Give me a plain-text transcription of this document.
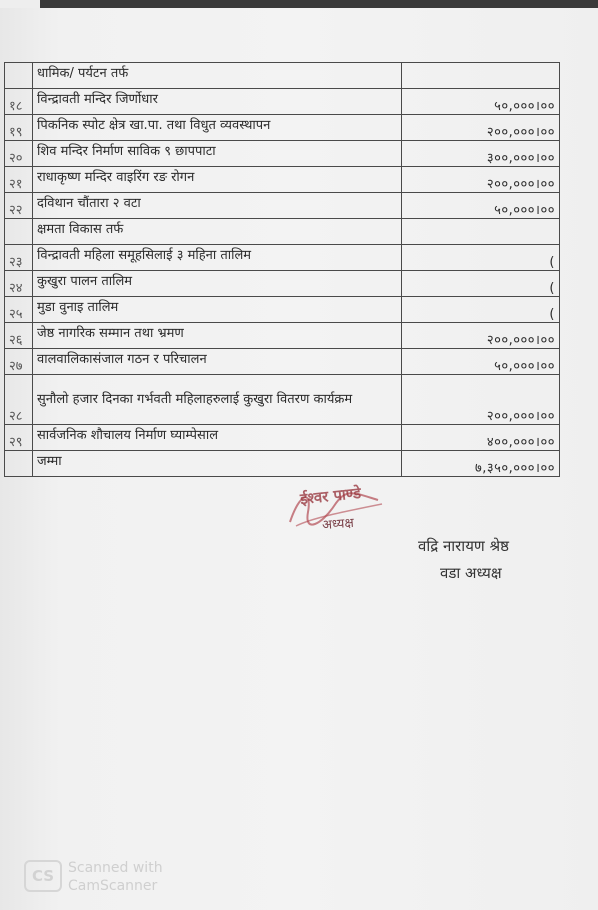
	धामिक/ पर्यटन तर्फ	
१८	विन्द्रावती मन्दिर जिर्णोधार	५०,०००।००
१९	पिकनिक स्पोट क्षेत्र खा.पा. तथा विधुत व्यवस्थापन	२००,०००।००
२०	शिव मन्दिर निर्माण साविक ९ छापपाटा	३००,०००।००
२१	राधाकृष्ण मन्दिर वाइरिंग रङ रोगन	२००,०००।००
२२	दविथान चौंतारा २ वटा	५०,०००।००
	क्षमता विकास तर्फ	
२३	विन्द्रावती महिला समूहसिलाई ३ महिना तालिम	(
२४	कुखुरा पालन तालिम	(
२५	मुडा वुनाइ तालिम	(
२६	जेष्ठ नागरिक सम्मान तथा भ्रमण	२००,०००।००
२७	वालवालिकासंजाल गठन र परिचालन	५०,०००।००
२८	सुनौलो हजार दिनका गर्भवती महिलाहरुलाई कुखुरा वितरण कार्यक्रम	२००,०००।००
२९	सार्वजनिक शौचालय निर्माण घ्याम्पेसाल	४००,०००।००
	जम्मा	७,३५०,०००।००
ईश्वर पाण्डे
अध्यक्ष
वद्रि नारायण श्रेष्ठ
वडा अध्यक्ष
CS Scanned with
CamScanner
